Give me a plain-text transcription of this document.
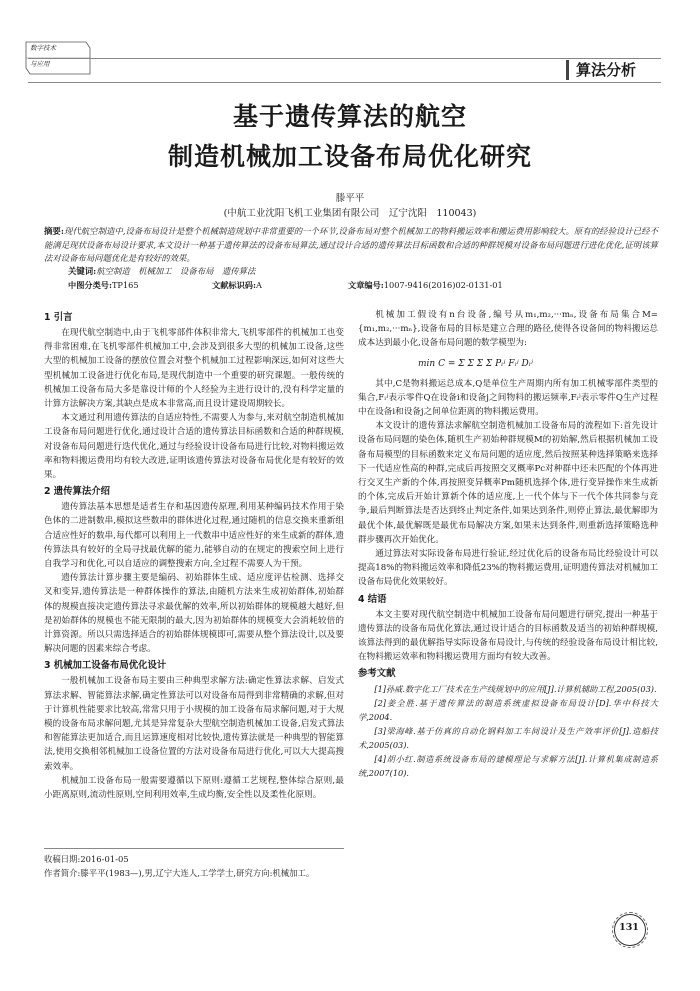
数字技术
与应用	算法分析
基于遗传算法的航空
制造机械加工设备布局优化研究
滕平平
(中航工业沈阳飞机工业集团有限公司　辽宁沈阳　110043)
摘要:现代航空制造中,设备布局设计是整个机械制造规划中非常重要的一个环节,设备布局对整个机械加工的物料搬运效率和搬运费用影响较大。原有的经验设计已经不能满足现状设备布局设计要求,本文设计一种基于遗传算法的设备布局算法,通过设计合适的遗传算法目标函数和合适的种群规模对设备布局问题进行进化优化,证明该算法对设备布局问题优化是有较好的效果。
关键词:航空制造　机械加工　设备布局　遗传算法
中图分类号:TP165	文献标识码:A	文章编号:1007-9416(2016)02-0131-01
1 引言

在现代航空制造中,由于飞机零部件体积非常大,飞机零部件的机械加工也变得非常困难,在飞机零部件机械加工中,会涉及到很多大型的机械加工设备,这些大型的机械加工设备的摆放位置会对整个机械加工过程影响深远,如何对这些大型机械加工设备进行优化布局,是现代制造中一个重要的研究课题。一般传统的机械加工设备布局大多是靠设计师的个人经验为主进行设计的,没有科学定量的计算方法解决方案,其缺点是成本非常高,而且设计建设周期较长。

本文通过利用遗传算法的自适应特性,不需要人为参与,来对航空制造机械加工设备布局问题进行优化,通过设计合适的遗传算法目标函数和合适的种群规模,对设备布局问题进行迭代优化,通过与经验设计设备布局进行比较,对物料搬运效率和物料搬运费用均有较大改进,证明该遗传算法对设备布局优化是有较好的效果。

2 遗传算法介绍

遗传算法基本思想是适者生存和基因遗传原理,利用某种编码技术作用于染色体的二进制数串,模拟这些数串的群体进化过程,通过随机的信息交换来重新组合适应性好的数串,每代都可以利用上一代数串中适应性好的来生成新的群体,遗传算法具有较好的全局寻找最优解的能力,能够自动的在规定的搜索空间上进行自我学习和优化,可以自适应的调整搜索方向,全过程不需要人为干预。

遗传算法计算步骤主要是编码、初始群体生成、适应度评估检测、选择交叉和变异,遗传算法是一种群体操作的算法,由随机方法来生成初始群体,初始群体的规模直接决定遗传算法寻求最优解的效率,所以初始群体的规模越大越好,但是初始群体的规模也不能无限制的最大,因为初始群体的规模变大会消耗较倍的计算资源。所以只需选择适合的初始群体规模即可,需要从整个算法设计,以及要解决问题的因素来综合考虑。

3 机械加工设备布局优化设计

一般机械加工设备布局主要由三种典型求解方法:确定性算法求解、启发式算法求解、智能算法求解,确定性算法可以对设备布局得到非常精确的求解,但对于计算机性能要求比较高,常常只用于小规模的加工设备布局求解问题,对于大规模的设备布局求解问题,尤其是异常复杂大型航空制造机械加工设备,启发式算法和智能算法更加适合,而且运算速度相对比较快,遗传算法就是一种典型的智能算法,使用交换相邻机械加工设备位置的方法对设备布局进行优化,可以大大提高搜索效率。

机械加工设备布局一般需要遵循以下原则:遵循工艺规程,整体综合原则,最小距离原则,流动性原则,空间利用效率,生成均衡,安全性以及柔性化原则。

机械加工假设有n台设备,编号从m₁,m₂,···mₙ,设备布局集合M={m₁,m₂,···mₙ},设备布局的目标是建立合理的路径,使得各设备间的物料搬运总成本达到最小化,设备布局问题的数学模型为:

min C = Σ Σ Σ Σ Pᵢʲ Fᵢʲ Dᵢʲ

其中,C是物料搬运总成本,Q是单位生产周期内所有加工机械零部件类型的集合,Fᵢʲ表示零件Q在设备i和设备j之间物料的搬运频率,Fᵢʲ表示零件Q生产过程中在设备i和设备j之间单位距离的物料搬运费用。

本文设计的遗传算法求解航空制造机械加工设备布局的流程如下:首先设计设备布局问题的染色体,随机生产初始种群规模M的初始解,然后根据机械加工设备布局模型的目标函数来定义布局问题的适应度,然后按照某种选择策略来选择下一代适应性高的种群,完成后再按照交叉概率Pc对种群中还未匹配的个体再进行交叉生产新的个体,再按照变异概率Pm随机选择个体,进行变异操作来生成新的个体,完成后开始计算新个体的适应度,上一代个体与下一代个体共同参与竞争,最后判断算法是否达到终止判定条件,如果达到条件,则停止算法,最优解即为最优个体,最优解既是最优布局解决方案,如果未达到条件,则重新选择策略选种群步骤再次开始优化。

通过算法对实际设备布局进行验证,经过优化后的设备布局比经验设计可以提高18%的物料搬运效率和降低23%的物料搬运费用,证明遗传算法对机械加工设备布局优化效果较好。

4 结语

本文主要对现代航空制造中机械加工设备布局问题进行研究,提出一种基于遗传算法的设备布局优化算法,通过设计适合的目标函数及适当的初始种群规模,该算法得到的最优解指导实际设备布局设计,与传统的经验设备布局设计相比较,在物料搬运效率和物料搬运费用方面均有较大改善。

参考文献

[1]孙威.数字化工厂技术在生产线规划中的应用[J].计算机辅助工程,2005(03).

[2]姜全胜.基于遗传算法的制造系统虚拟设备布局设计[D].华中科技大学,2004.

[3]梁海峰.基于仿真的自动化钢料加工车间设计及生产效率评价[J].造船技术,2005(03).

[4]胡小红.制造系统设备布局的建模理论与求解方法[J].计算机集成制造系统,2007(10).

收稿日期:2016-01-05
作者简介:滕平平(1983—),男,辽宁大连人,工学学士,研究方向:机械加工。
131
